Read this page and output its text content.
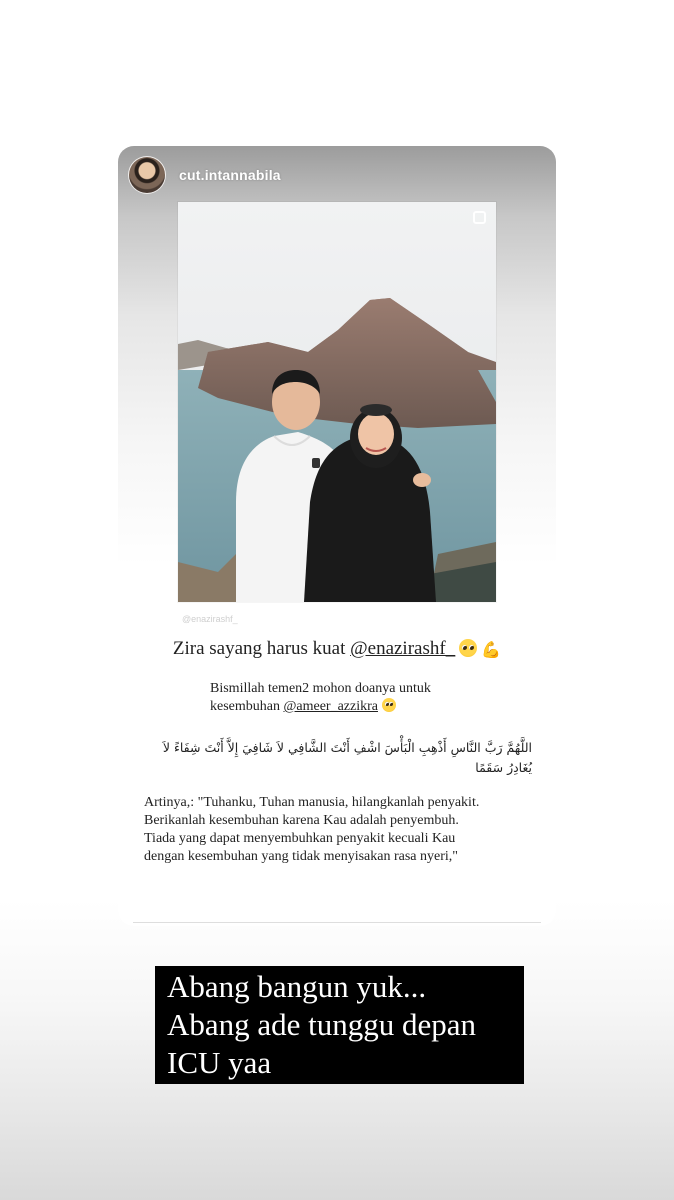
cut.intannabila
@enazirashf_
Zira sayang harus kuat @enazirashf_ 💪
Bismillah temen2 mohon doanya untuk
kesembuhan @ameer_azzikra
اللَّهُمَّ رَبَّ النَّاسِ أَذْهِبِ الْبَأْسَ اشْفِ أَنْتَ الشَّافِي لاَ شَافِيَ إِلاَّ أَنْتَ شِفَاءً لاَ يُغَادِرُ سَقَمًا
Artinya,: "Tuhanku, Tuhan manusia, hilangkanlah penyakit.
Berikanlah kesembuhan karena Kau adalah penyembuh.
Tiada yang dapat menyembuhkan penyakit kecuali Kau
dengan kesembuhan yang tidak menyisakan rasa nyeri,"
Abang bangun yuk...
Abang ade tunggu depan
ICU yaa
